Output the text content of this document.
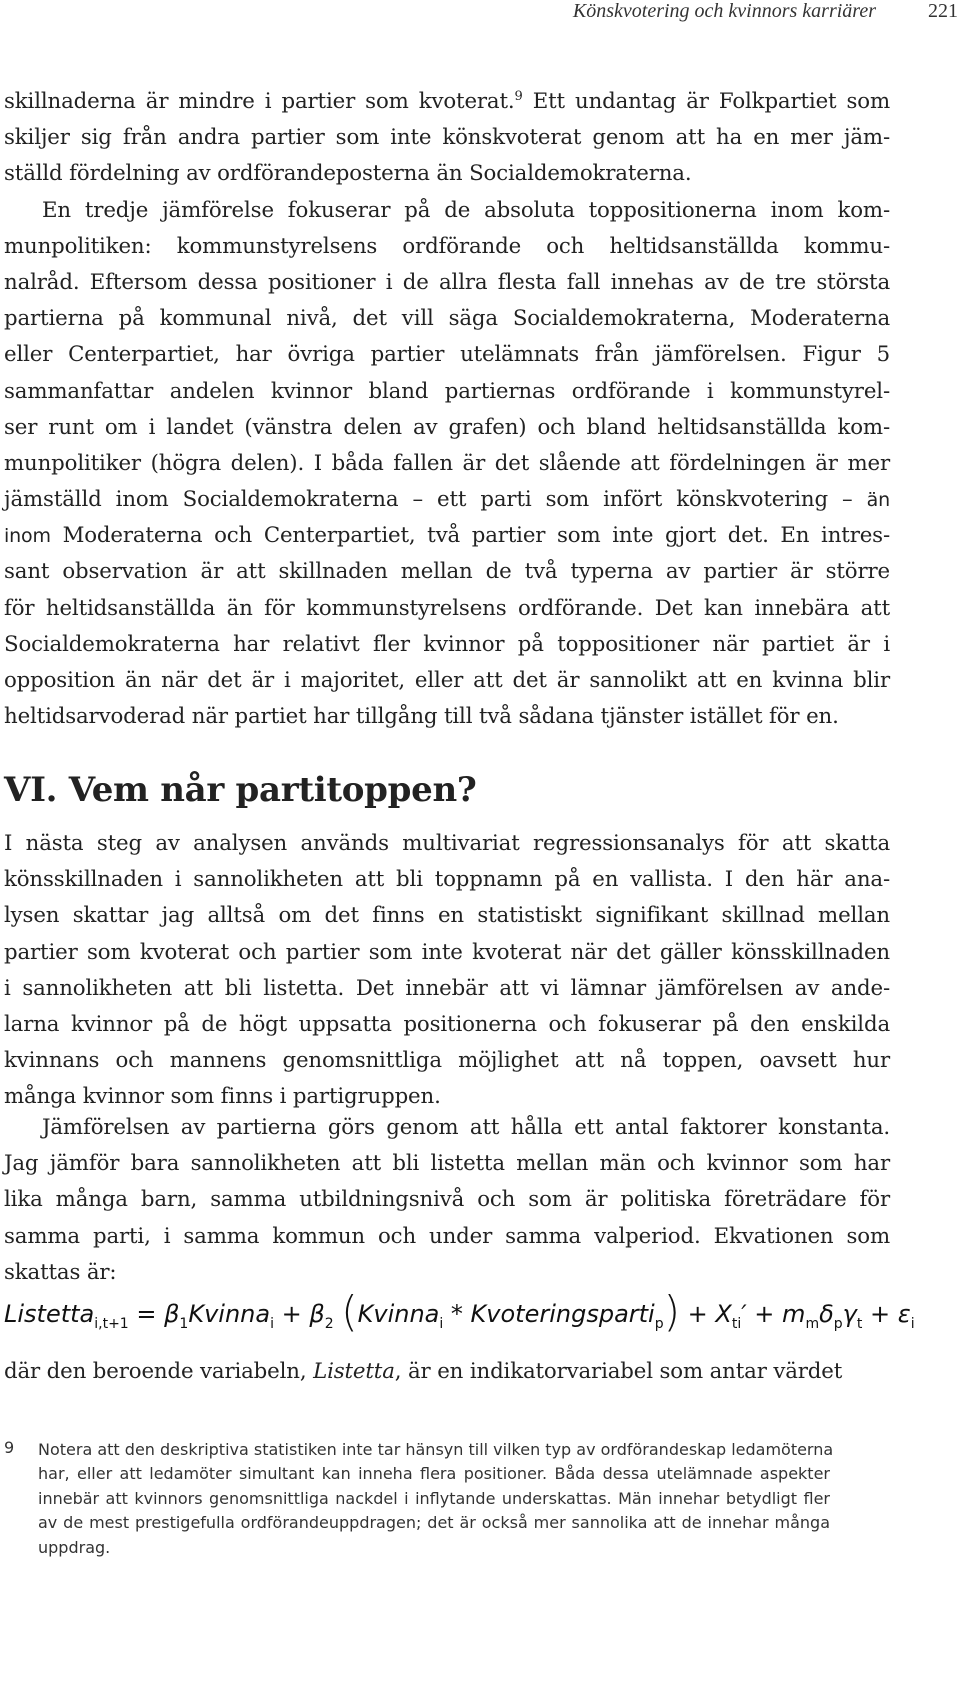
Könskvotering och kvinnors karriärer	221
skillnaderna är mindre i partier som kvoterat.$^9$ Ett undantag är Folkpartiet som
skiljer sig från andra partier som inte könskvoterat genom att ha en mer jäm-
ställd fördelning av ordförandeposterna än Socialdemokraterna.
En tredje jämförelse fokuserar på de absoluta toppositionerna inom kom-
munpolitiken: kommunstyrelsens ordförande och heltidsanställda kommu-
nalråd. Eftersom dessa positioner i de allra flesta fall innehas av de tre största
partierna på kommunal nivå, det vill säga Socialdemokraterna, Moderaterna
eller Centerpartiet, har övriga partier utelämnats från jämförelsen. Figur 5
sammanfattar andelen kvinnor bland partiernas ordförande i kommunstyrel-
ser runt om i landet (vänstra delen av grafen) och bland heltidsanställda kom-
munpolitiker (högra delen). I båda fallen är det slående att fördelningen är mer
jämställd inom Socialdemokraterna – ett parti som infört könskvotering – än
inom Moderaterna och Centerpartiet, två partier som inte gjort det. En intres-
sant observation är att skillnaden mellan de två typerna av partier är större
för heltidsanställda än för kommunstyrelsens ordförande. Det kan innebära att
Socialdemokraterna har relativt fler kvinnor på toppositioner när partiet är i
opposition än när det är i majoritet, eller att det är sannolikt att en kvinna blir
heltidsarvoderad när partiet har tillgång till två sådana tjänster istället för en.
VI. Vem når partitoppen?
I nästa steg av analysen används multivariat regressionsanalys för att skatta
könsskillnaden i sannolikheten att bli toppnamn på en vallista. I den här ana-
lysen skattar jag alltså om det finns en statistiskt signifikant skillnad mellan
partier som kvoterat och partier som inte kvoterat när det gäller könsskillnaden
i sannolikheten att bli listetta. Det innebär att vi lämnar jämförelsen av ande-
larna kvinnor på de högt uppsatta positionerna och fokuserar på den enskilda
kvinnans och mannens genomsnittliga möjlighet att nå toppen, oavsett hur
många kvinnor som finns i partigruppen.
Jämförelsen av partierna görs genom att hålla ett antal faktorer konstanta.
Jag jämför bara sannolikheten att bli listetta mellan män och kvinnor som har
lika många barn, samma utbildningsnivå och som är politiska företrädare för
samma parti, i samma kommun och under samma valperiod. Ekvationen som
skattas är:
Listetta$_{i,t+1}$ = $\beta_1Kvinna_i + \beta_2$ (Kvinna$_i$ * Kvoteringsparti$_p$) + $X_{ti}' + m_m\delta_p\gamma_t + \varepsilon_i$
där den beroende variabeln, Listetta, är en indikatorvariabel som antar värdet
9 Notera att den deskriptiva statistiken inte tar hänsyn till vilken typ av ordförandeskap ledamöterna
har, eller att ledamöter simultant kan inneha flera positioner. Båda dessa utelämnade aspekter
innebär att kvinnors genomsnittliga nackdel i inflytande underskattas. Män innehar betydligt fler
av de mest prestigefulla ordförandeuppdragen; det är också mer sannolika att de innehar många
uppdrag.
